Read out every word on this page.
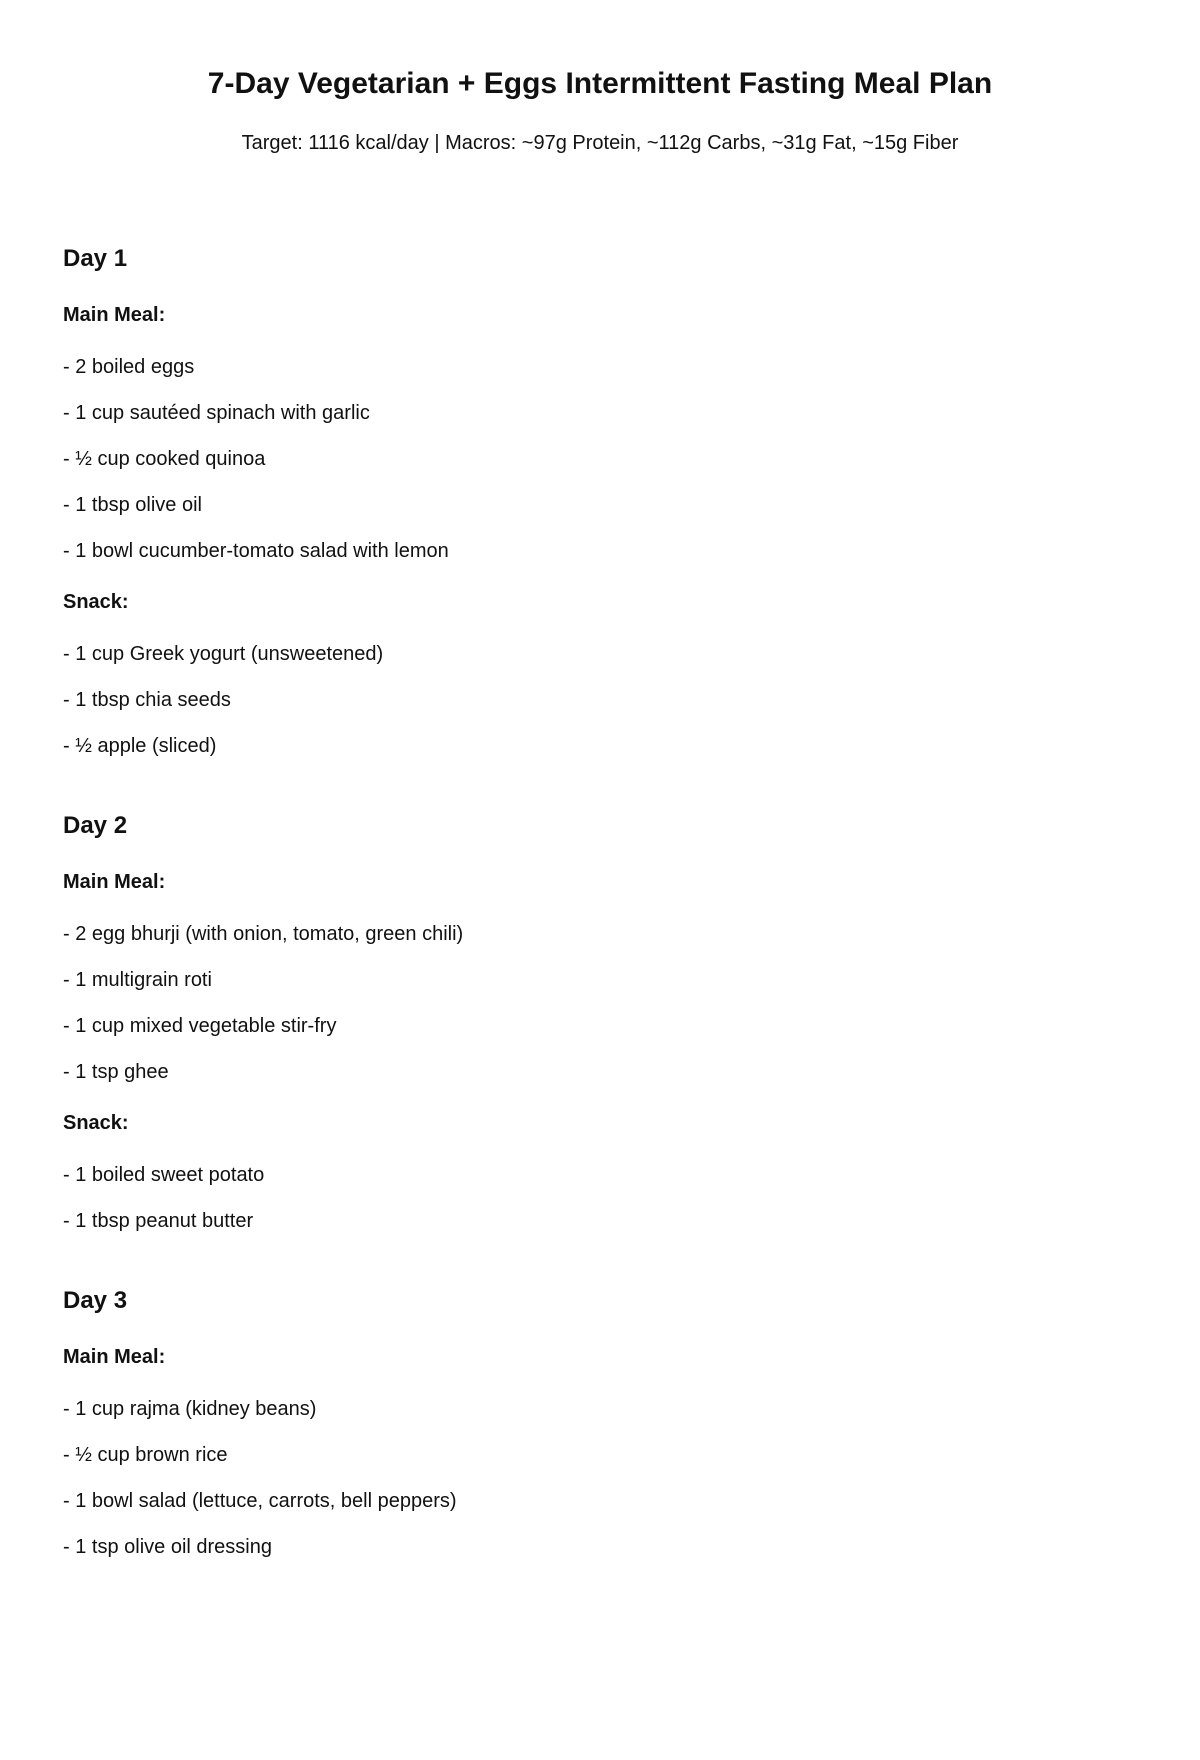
7-Day Vegetarian + Eggs Intermittent Fasting Meal Plan
Target: 1116 kcal/day | Macros: ~97g Protein, ~112g Carbs, ~31g Fat, ~15g Fiber
Day 1
Main Meal:
- 2 boiled eggs
- 1 cup sautéed spinach with garlic
- ½ cup cooked quinoa
- 1 tbsp olive oil
- 1 bowl cucumber-tomato salad with lemon
Snack:
- 1 cup Greek yogurt (unsweetened)
- 1 tbsp chia seeds
- ½ apple (sliced)
Day 2
Main Meal:
- 2 egg bhurji (with onion, tomato, green chili)
- 1 multigrain roti
- 1 cup mixed vegetable stir-fry
- 1 tsp ghee
Snack:
- 1 boiled sweet potato
- 1 tbsp peanut butter
Day 3
Main Meal:
- 1 cup rajma (kidney beans)
- ½ cup brown rice
- 1 bowl salad (lettuce, carrots, bell peppers)
- 1 tsp olive oil dressing
